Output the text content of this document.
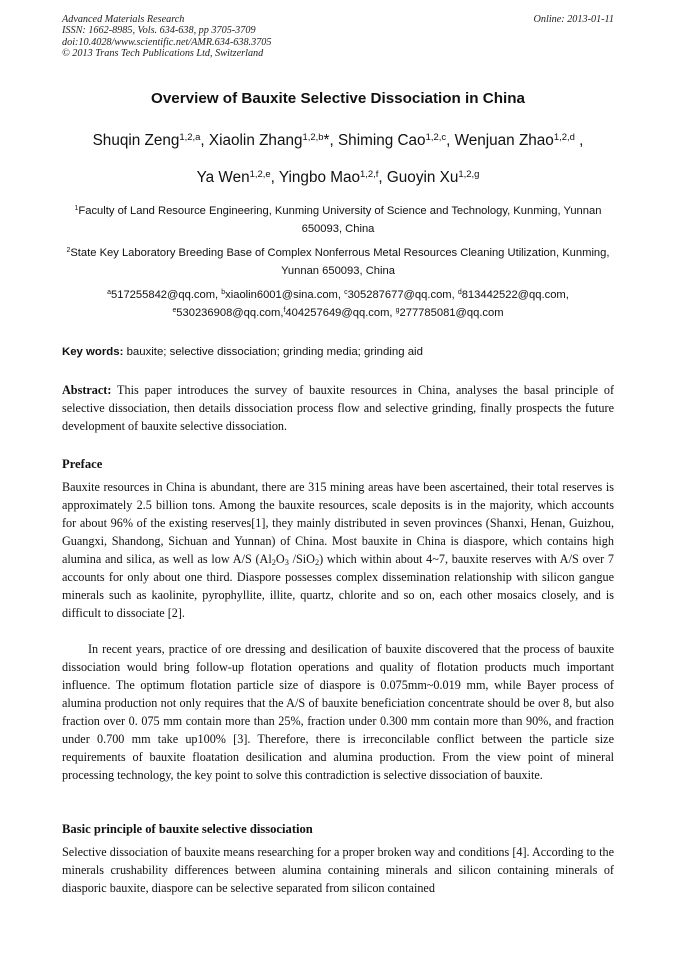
Advanced Materials Research
ISSN: 1662-8985, Vols. 634-638, pp 3705-3709
doi:10.4028/www.scientific.net/AMR.634-638.3705
© 2013 Trans Tech Publications Ltd, Switzerland
Online: 2013-01-11
Overview of Bauxite Selective Dissociation in China
Shuqin Zeng$^{1,2,a}$, Xiaolin Zhang$^{1,2,b}$*, Shiming Cao$^{1,2,c}$, Wenjuan Zhao$^{1,2,d}$ ,
Ya Wen$^{1,2,e}$, Yingbo Mao$^{1,2,f}$, Guoyin Xu$^{1,2,g}$
$^1$Faculty of Land Resource Engineering, Kunming University of Science and Technology, Kunming, Yunnan 650093, China
$^2$State Key Laboratory Breeding Base of Complex Nonferrous Metal Resources Cleaning Utilization, Kunming, Yunnan 650093, China
$^a$517255842@qq.com, $^b$xiaolin6001@sina.com, $^c$305287677@qq.com, $^d$813442522@qq.com,
$^e$530236908@qq.com,$^f$404257649@qq.com, $^g$277785081@qq.com
Key words: bauxite; selective dissociation; grinding media; grinding aid
Abstract: This paper introduces the survey of bauxite resources in China, analyses the basal principle of selective dissociation, then details dissociation process flow and selective grinding, finally prospects the future development of bauxite selective dissociation.
Preface
Bauxite resources in China is abundant, there are 315 mining areas have been ascertained, their total reserves is approximately 2.5 billion tons. Among the bauxite resources, scale deposits is in the majority, which accounts for about 96% of the existing reserves[1], they mainly distributed in seven provinces (Shanxi, Henan, Guizhou, Guangxi, Shandong, Sichuan and Yunnan) of China. Most bauxite in China is diaspore, which contains high alumina and silica, as well as low A/S ($Al_2O_3$ /SiO$_2$) which within about 4~7, bauxite reserves with A/S over 7 accounts for only about one third. Diaspore possesses complex dissemination relationship with silicon gangue minerals such as kaolinite, pyrophyllite, illite, quartz, chlorite and so on, each other mosaics closely, and is difficult to dissociate [2].
In recent years, practice of ore dressing and desilication of bauxite discovered that the process of bauxite dissociation would bring follow-up flotation operations and quality of flotation products much important influence. The optimum flotation particle size of diaspore is 0.075mm~0.019 mm, while Bayer process of alumina production not only requires that the A/S of bauxite beneficiation concentrate should be over 8, but also fraction over 0. 075 mm contain more than 25%, fraction under 0.300 mm contain more than 90%, and fraction under 0.700 mm take up100% [3]. Therefore, there is irreconcilable conflict between the particle size requirements of bauxite floatation desilication and alumina production. From the view point of mineral processing technology, the key point to solve this contradiction is selective dissociation of bauxite.
Basic principle of bauxite selective dissociation
Selective dissociation of bauxite means researching for a proper broken way and conditions [4]. According to the minerals crushability differences between alumina containing minerals and silicon containing minerals of diasporic bauxite, diaspore can be selective separated from silicon contained
